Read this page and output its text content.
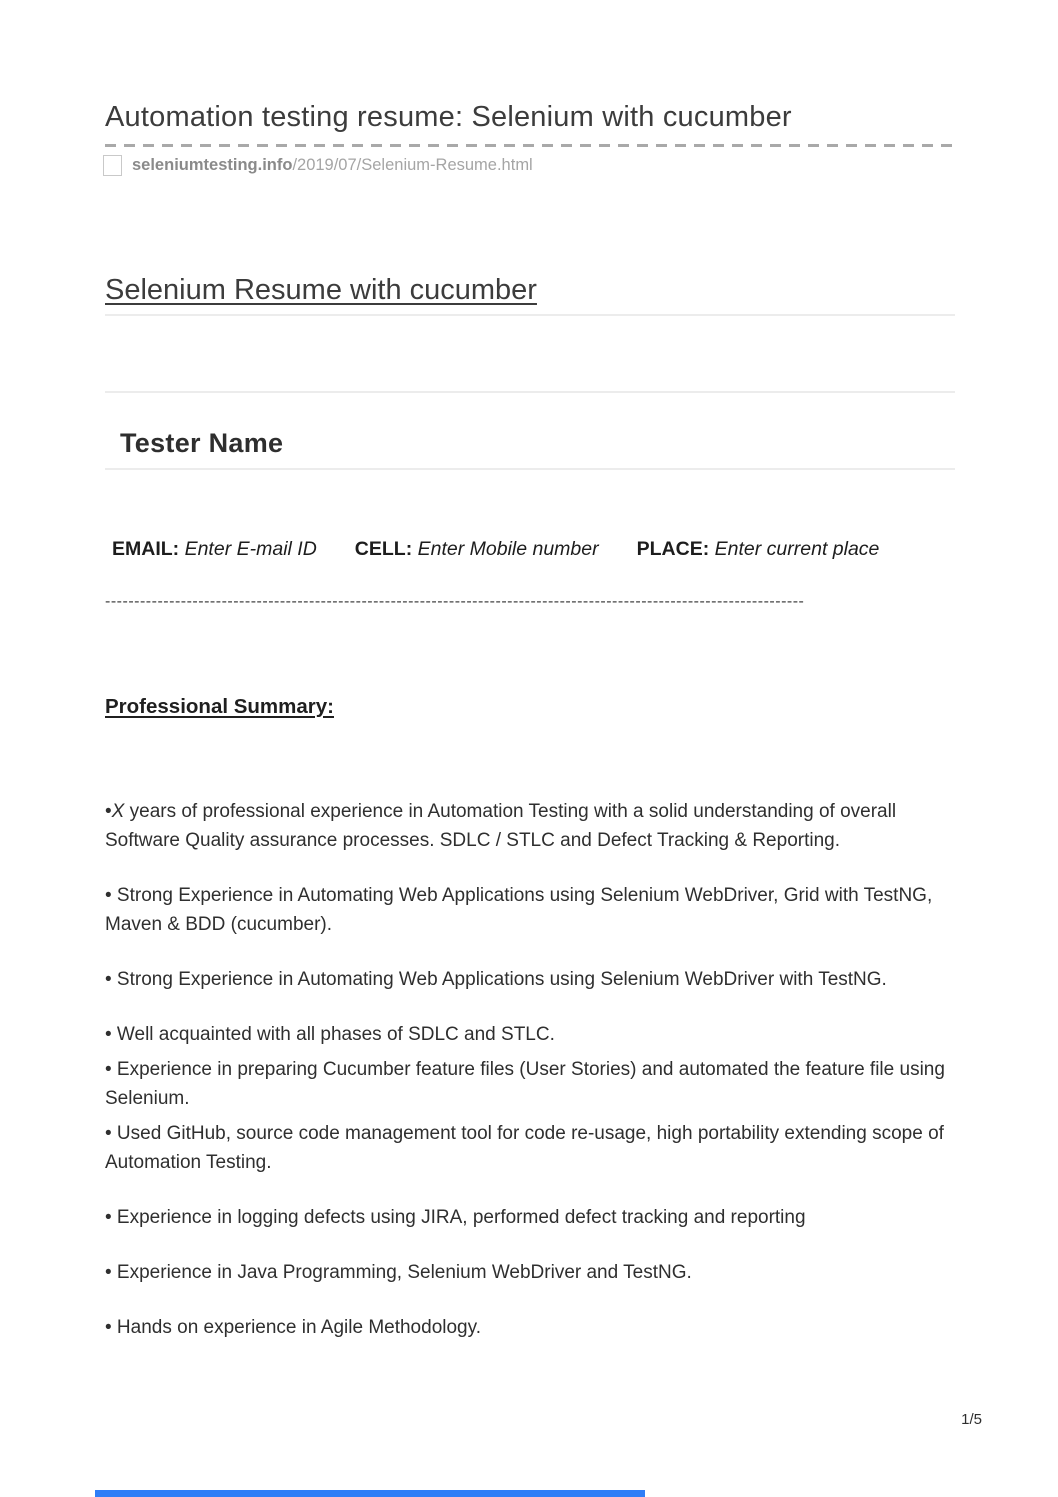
Automation testing resume: Selenium with cucumber
seleniumtesting.info/2019/07/Selenium-Resume.html
Selenium Resume with cucumber
Tester Name
EMAIL: Enter E-mail ID CELL: Enter Mobile number PLACE: Enter current place
------------------------------------------------------------------------------------------------------------------------
Professional Summary:

•X years of professional experience in Automation Testing with a solid understanding of overall Software Quality assurance processes. SDLC / STLC and Defect Tracking & Reporting.

• Strong Experience in Automating Web Applications using Selenium WebDriver, Grid with TestNG, Maven & BDD (cucumber).

• Strong Experience in Automating Web Applications using Selenium WebDriver with TestNG.

• Well acquainted with all phases of SDLC and STLC.

• Experience in preparing Cucumber feature files (User Stories) and automated the feature file using Selenium.

• Used GitHub, source code management tool for code re-usage, high portability extending scope of Automation Testing.

• Experience in logging defects using JIRA, performed defect tracking and reporting

• Experience in Java Programming, Selenium WebDriver and TestNG.

• Hands on experience in Agile Methodology.

1/5
